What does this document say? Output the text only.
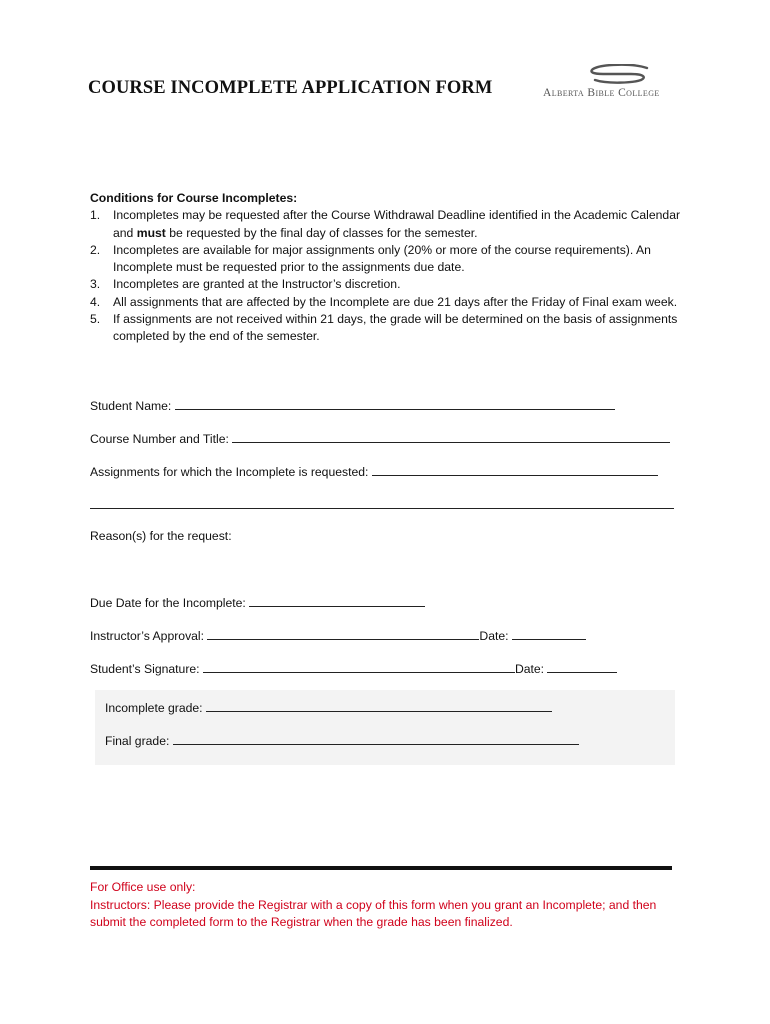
COURSE INCOMPLETE APPLICATION FORM	Alberta Bible College

Conditions for Course Incompletes:

1. Incompletes may be requested after the Course Withdrawal Deadline identified in the Academic Calendar and must be requested by the final day of classes for the semester.
2. Incompletes are available for major assignments only (20% or more of the course requirements). An Incomplete must be requested prior to the assignments due date.
3. Incompletes are granted at the Instructor’s discretion.
4. All assignments that are affected by the Incomplete are due 21 days after the Friday of Final exam week.
5. If assignments are not received within 21 days, the grade will be determined on the basis of assignments completed by the end of the semester.
Student Name:
Course Number and Title:
Assignments for which the Incomplete is requested:
Reason(s) for the request:
Due Date for the Incomplete:
Instructor’s Approval:	Date:
Student’s Signature:	Date:
Incomplete grade:
Final grade:

For Office use only:

Instructors: Please provide the Registrar with a copy of this form when you grant an Incomplete; and then submit the completed form to the Registrar when the grade has been finalized.
